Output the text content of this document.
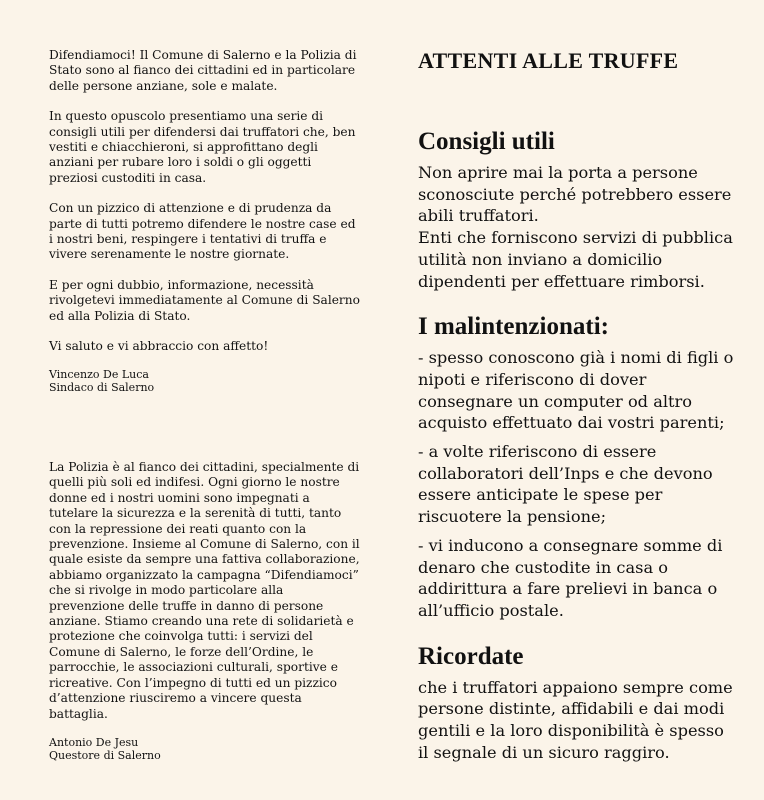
Difendiamoci! Il Comune di Salerno e la Polizia di Stato sono al fianco dei cittadini ed in particolare delle persone anziane, sole e malate.

In questo opuscolo presentiamo una serie di consigli utili per difendersi dai truffatori che, ben vestiti e chiacchieroni, si approfittano degli anziani per rubare loro i soldi o gli oggetti preziosi custoditi in casa.

Con un pizzico di attenzione e di prudenza da parte di tutti potremo difendere le nostre case ed i nostri beni, respingere i tentativi di truffa e vivere serenamente le nostre giornate.

E per ogni dubbio, informazione, necessità rivolgetevi immediatamente al Comune di Salerno ed alla Polizia di Stato.

Vi saluto e vi abbraccio con affetto!

Vincenzo De Luca
Sindaco di Salerno

La Polizia è al fianco dei cittadini, specialmente di quelli più soli ed indifesi. Ogni giorno le nostre donne ed i nostri uomini sono impegnati a tutelare la sicurezza e la serenità di tutti, tanto con la repressione dei reati quanto con la prevenzione. Insieme al Comune di Salerno, con il quale esiste da sempre una fattiva collaborazione, abbiamo organizzato la campagna “Difendiamoci” che si rivolge in modo particolare alla prevenzione delle truffe in danno di persone anziane. Stiamo creando una rete di solidarietà e protezione che coinvolga tutti: i servizi del Comune di Salerno, le forze dell’Ordine, le parrocchie, le associazioni culturali, sportive e ricreative. Con l’impegno di tutti ed un pizzico d’attenzione riusciremo a vincere questa battaglia.

Antonio De Jesu
Questore di Salerno
ATTENTI ALLE TRUFFE
Consigli utili

Non aprire mai la porta a persone sconosciute perché potrebbero essere abili truffatori.

Enti che forniscono servizi di pubblica utilità non inviano a domicilio dipendenti per effettuare rimborsi.

I malintenzionati:

- spesso conoscono già i nomi di figli o nipoti e riferiscono di dover consegnare un computer od altro acquisto effettuato dai vostri parenti;

- a volte riferiscono di essere collaboratori dell’Inps e che devono essere anticipate le spese per riscuotere la pensione;

- vi inducono a consegnare somme di denaro che custodite in casa o addirittura a fare prelievi in banca o all’ufficio postale.

Ricordate

che i truffatori appaiono sempre come persone distinte, affidabili e dai modi gentili e la loro disponibilità è spesso il segnale di un sicuro raggiro.
